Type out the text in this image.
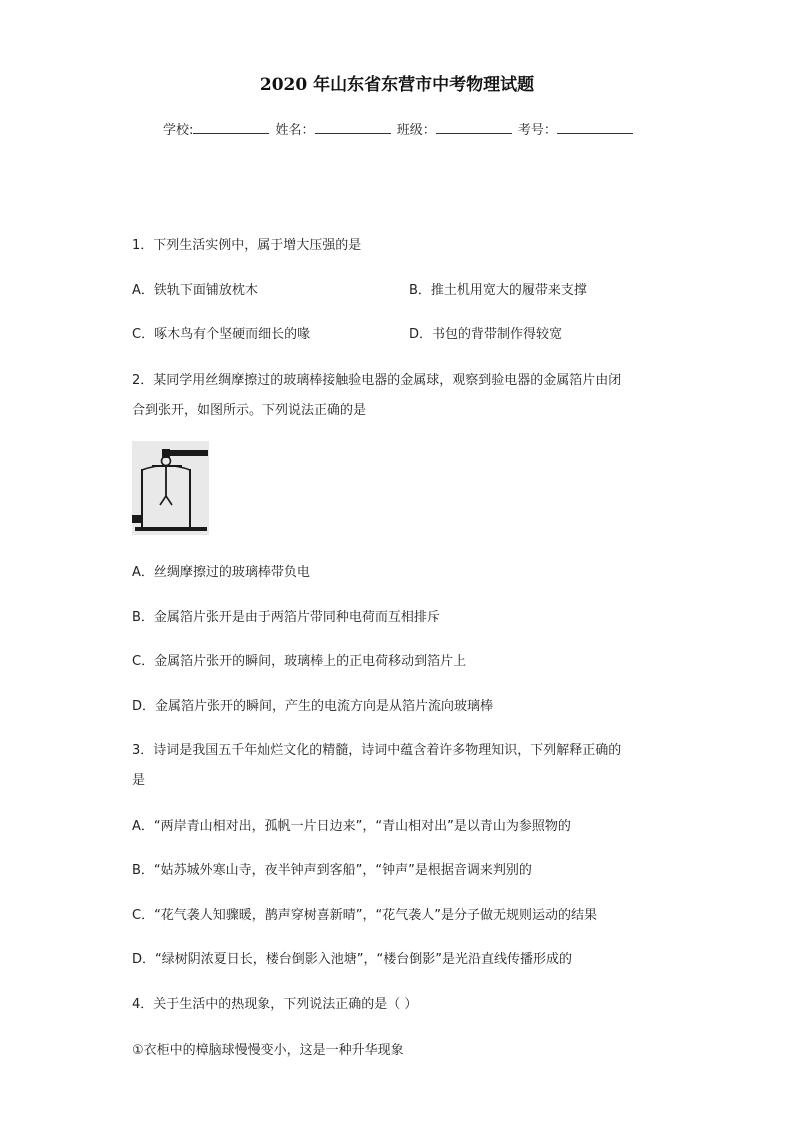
2020 年山东省东营市中考物理试题
学校:	姓名：	班级：	考号：
1．下列生活实例中，属于增大压强的是
A．铁轨下面铺放枕木	B．推土机用宽大的履带来支撑
C．啄木鸟有个坚硬而细长的喙	D．书包的背带制作得较宽
2．某同学用丝绸摩擦过的玻璃棒接触验电器的金属球，观察到验电器的金属箔片由闭
合到张开，如图所示。下列说法正确的是
A．丝绸摩擦过的玻璃棒带负电
B．金属箔片张开是由于两箔片带同种电荷而互相排斥
C．金属箔片张开的瞬间，玻璃棒上的正电荷移动到箔片上
D．金属箔片张开的瞬间，产生的电流方向是从箔片流向玻璃棒
3．诗词是我国五千年灿烂文化的精髓，诗词中蕴含着许多物理知识，下列解释正确的
是
A．“两岸青山相对出，孤帆一片日边来”，“青山相对出”是以青山为参照物的
B．“姑苏城外寒山寺，夜半钟声到客船”，“钟声”是根据音调来判别的
C．“花气袭人知骤暖，鹊声穿树喜新晴”，“花气袭人”是分子做无规则运动的结果
D．“绿树阴浓夏日长，楼台倒影入池塘”，“楼台倒影”是光沿直线传播形成的
4．关于生活中的热现象，下列说法正确的是（ ）
①衣柜中的樟脑球慢慢变小，这是一种升华现象
